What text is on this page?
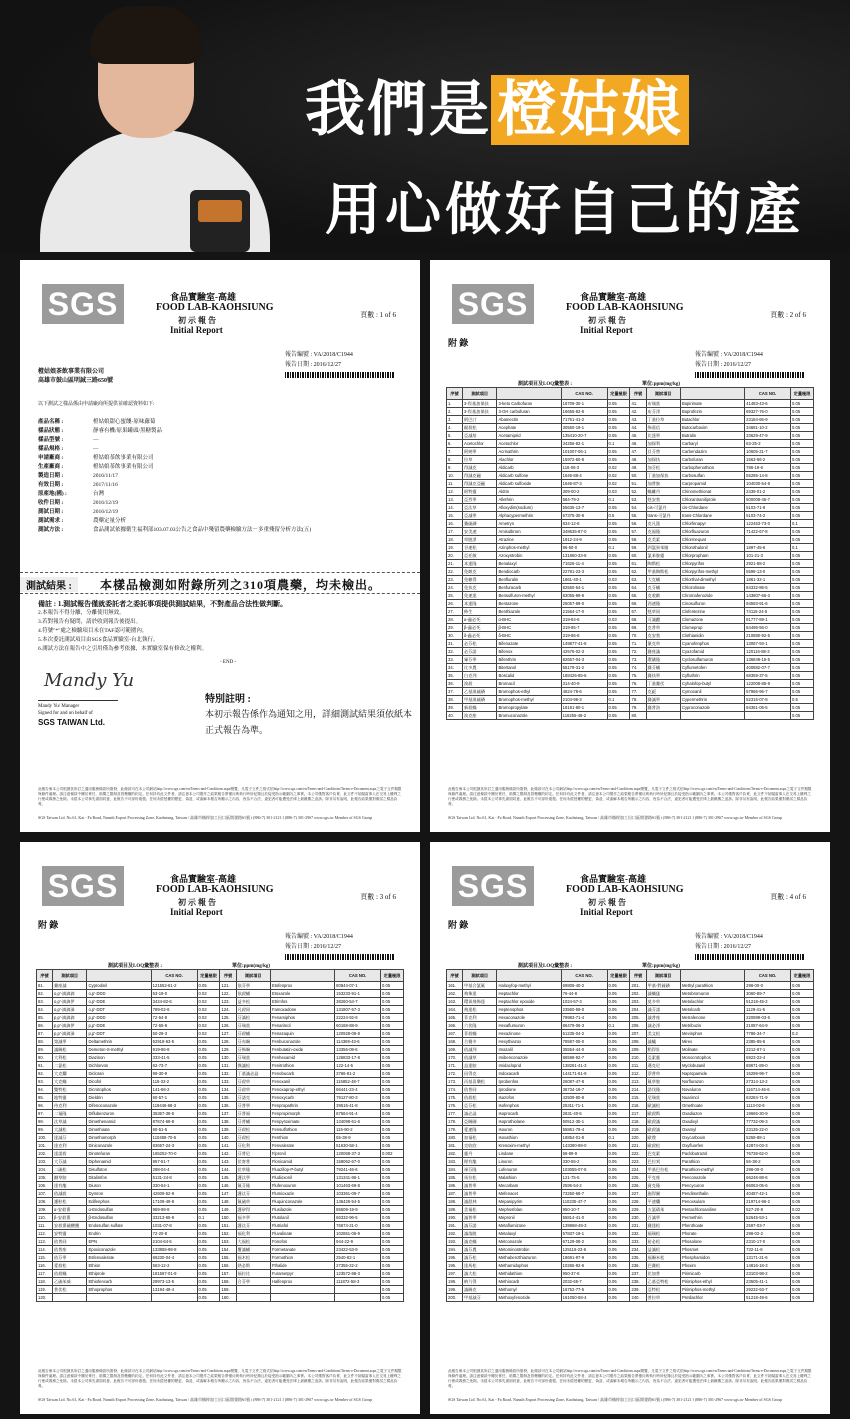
我們是 橙姑娘
用心做好自己的產
SGS	食品實驗室-高雄
FOOD LAB-KAOHSIUNG
初 示 報 告
Initial Report
頁數 : 1 of 6
報告編號 : VA/2018/C1944
報告日期 : 2016/12/27
橙姑娘茶飲事業有限公司
高雄市鼓山區明誠三路650號
以下測試之樣品係由申請廠商所提供並確認資料如下:
產品名稱 :	橙姑娘甜心蜜餞-原味蘿蔔
樣品狀態 :	靜睿有機/原果罐頭/黑糖製品
樣品型號 :	—
樣品規格 :	—
申請廠商 :	橙姑娘茶飲事業有限公司
生產廠商 :	橙姑娘茶飲事業有限公司
製造日期 :	2016/11/17
有效日期 :	2017/11/16
原產地(國) :	台灣
收件日期 :	2016/12/19
測試日期 :	2016/12/19
測試需求 :	農藥定量分析
測試方法 :	食品測試依據衛生福利部103.07.03公告之食品中殘留農藥檢驗方法－多重殘留分析方法(五)
測試結果 :	本樣品檢測如附錄所列之310項農藥，均未檢出。
備註 : 1.測試報告僅就委託者之委託事項提供測試結果，不對產品合法性做判斷。
2.本報告不得分離，分離使用無效。
3.若對報告有疑問，請於收到報告後提出。
4.符號"*"處之檢驗項目未在TAF認可範圍內。
5.本次委託測試項目由SGS食品實驗室-台北執行。
6.測試方法在報告中之引用僅為參考依據，本實驗室保有修改之權利。
- END -
Mandy Yu
Mandy Yu/ Manager
Signed for and on behalf of
SGS TAIWAN Ltd.
特別註明 :
本初示報告係作為通知之用，詳細測試結果須依紙本正式報告為準。
此報告係本公司根據其所訂之通用服務條款所簽發，此條款可在本公司網站http://www.sgs.com/en/Terms-and-Conditions.aspx閱覽，凡電子文件之格式依http://www.sgs.com/en/Terms-and-Conditions/Terms-e-Document.aspx之電子文件期限與條件處理。請注意條款中關於責任、賠償之限制及管轄權的約定。任何持有此文件者，請注意本公司製作之結果報告將僅反映執行時所紀錄且於接受指示範圍內之事實。本公司僅對客戶負責，此文件不妨礙當事人在交易上權利之行使或義務之免除。未經本公司事先書面同意，此報告不可部份複製。任何未經授權的變更、偽造、或曲解本報告所顯示之內容，皆為不合法，違犯者可能遭受法律上最嚴厲之追訴。除非另有說明，此報告結果僅對測試之樣品負責。
SGS Taiwan Ltd. No.61, Kai - Fa Road, Nanzih Export Processing Zone, Kaohsiung, Taiwan / 高雄市楠梓加工出口區開發路61號 t (886-7) 301-2121 f (886-7) 301-2967 www.sgs.tw Member of SGS Group
SGS	食品實驗室-高雄
FOOD LAB-KAOHSIUNG
初 示 報 告
Initial Report
頁數 : 2 of 6
附 錄
報告編號 : VA/2018/C1944
報告日期 : 2016/12/27
測試項目及LOQ彙整表 :	單位:ppm(mg/kg)
序號	測試項目		CAS NO.	定量極限	序號	測試項目		CAS NO.	定量極限
1.	3-羥基加保扶	3-keto Carbofuran	16709-30-1	0.05	41.	布瑞莫	Bupirimate	41483-43-6	0.05
2.	3-羥基加保扶	3-OH carbofuran	16655-82-6	0.05	42.	布芬淨	Buprofezin	69327-76-0	0.05
3.	阿巴汀	Abamectin	71751-41-2	0.05	43.	丁基拉草	Butachlor	23184-66-9	0.05
4.	毆殺松	Acephate	30560-19-1	0.05	44.	佈嘉信	Butocarboxim	34681-10-2	0.05
5.	亞滅培	Acetamiprid	135410-20-7	0.05	45.	比達寧	Butralin	33629-47-9	0.05
6.	Acetochlor	Acetochlor	34256-82-1	0.1	46.	加保利	Carbaryl	63-25-2	0.05
7.	阿納寧	Acrinathrin	101007-06-1	0.05	47.	貝芬替	Carbendazim	10605-21-7	0.05
8.	拉草	Alachlor	15972-60-8	0.05	48.	加保扶	Carbofuran	1563-66-2	0.05
9.	得滅克	Aldicarb	116-06-3	0.02	49.	加芬松	Carbophenothion	786-19-6	0.05
10.	得滅克碸	Aldicarb sulfone	1646-88-4	0.02	50.	丁基加保扶	Carbosulfan	55285-14-8	0.05
11.	得滅克亞碸	Aldicarb sulfoxide	1646-87-3	0.02	51.	加普胺	Carpropamid	104030-54-8	0.05
12.	阿特靈	Aldrin	309-00-2	0.03	52.	蟎離丹	Chinomethionat	2439-01-2	0.05
13.	亞烈寧	Allethrin	584-79-2	0.1	53.	剋安勃	Chlorantraniliprole	500008-45-7	0.05
14.	亞汰草	Alloxydim(sodium)	55635-13-7	0.05	54.	cis-可氯丹	cis-Chlordane	5103-71-9	0.05
15.	亞滅寧	Alphacypermethrin	67375-30-8	0.5	55.	trans-可氯丹	trans-Chlordane	5103-74-2	0.05
16.	賽硫磷	Ametryn	834-12-8	0.05	56.	克凡派	Chlorfenapyr	122453-73-0	0.1
17.	安美速	Amisulbrom	348635-87-0	0.05	57.	克福隆	Chlorfluazuron	71422-67-8	0.05
18.	草脫淨	Atrazine	1912-24-9	0.05	58.	克美素	Chlormequat		0.05
19.	谷速松	Azinphos-methyl	86-50-0	0.1	59.	四氯異苯腈	Chlorothalonil	1897-45-6	0.1
20.	亞托敏	Azoxystrobin	131860-33-8	0.05	60.	氯苯胺靈	Chlorpropham	101-21-3	0.05
21.	本達隆	Benalaxyl	71626-11-4	0.05	61.	陶斯松	Chlorpyrifos	2921-88-2	0.05
22.	免敵克	Bendiocarb	22781-23-3	0.05	62.	甲基陶斯松	Chlorpyrifos-methyl	5598-13-0	0.05
23.	免賴得	Benfluralin	1861-40-1	0.03	63.	大克蟎	Chlorthal-dimethyl	1861-32-1	0.05
24.	免扶克	Benfuracarb	82560-54-1	0.05	64.	克芬蟎	Chlozolinate	84332-86-5	0.05
25.	免速達	Bensulfuron-methyl	83055-99-6	0.05	65.	克收敵	Chromafenozide	143807-66-3	0.05
26.	本達隆	Bentazone	25057-89-0	0.05	66.	西速隆	Cinosulfuron	94593-91-6	0.05
27.	佈生	Benthiazole	21564-17-0	0.05	67.	剋草同	Clofentezine	74115-24-5	0.05
28.	α-蟲必死	α-BHC	319-84-6	0.03	68.	可滅蹤	Clomazone	81777-89-1	0.05
29.	β-蟲必死	β-BHC	319-85-7	0.05	69.	克普草	Clomeprop	84496-56-0	0.05
30.	δ-蟲必死	δ-BHC	319-86-8	0.05	70.	克安勃	Clothianidin	210880-92-5	0.05
31.	必芬松	Bifenazate	149877-41-8	0.05	71.	氰克草	Cyanofenphos	13067-93-1	0.05
32.	必芬諾	Bifenox	42576-02-3	0.05	72.	賽座滅	Cyazofamid	120116-88-3	0.05
33.	畢芬寧	Bifenthrin	82657-04-3	0.05	73.	環磺隆	Cyclosulfamuron	136849-15-5	0.05
34.	比多農	Bitertanol	55179-31-2	0.05	74.	賽芬蟎	Cyflumetofen	400882-07-7	0.05
35.	白克列	Boscalid	188425-85-6	0.05	75.	賽扶寧	Cyfluthrin	68359-37-5	0.05
36.	溴殺	Bromacil	314-40-9	0.05	76.	丁基賽伏	Cyhalofop-butyl	122008-85-9	0.05
37.	乙基溴硫磷	Bromophos-ethyl	4824-78-6	0.05	77.	克絕	Cymoxanil	57966-95-7	0.05
38.	甲基溴硫磷	Bromophos-methyl	2104-96-3	0.1	78.	賽滅寧	Cypermethrin	52315-07-8	0.5
39.	新殺蟎	Bromopropylate	18181-80-1	0.05	79.	賽普洛	Cyproconazole	94361-06-5	0.05
40.	溴克座	Bromuconazole	116255-48-2	0.05	80.				0.05
此報告係本公司根據其所訂之通用服務條款所簽發，此條款可在本公司網站http://www.sgs.com/en/Terms-and-Conditions.aspx閱覽，凡電子文件之格式依http://www.sgs.com/en/Terms-and-Conditions/Terms-e-Document.aspx之電子文件期限與條件處理。請注意條款中關於責任、賠償之限制及管轄權的約定。任何持有此文件者，請注意本公司製作之結果報告將僅反映執行時所紀錄且於接受指示範圍內之事實。本公司僅對客戶負責，此文件不妨礙當事人在交易上權利之行使或義務之免除。未經本公司事先書面同意，此報告不可部份複製。任何未經授權的變更、偽造、或曲解本報告所顯示之內容，皆為不合法，違犯者可能遭受法律上最嚴厲之追訴。除非另有說明，此報告結果僅對測試之樣品負責。
SGS Taiwan Ltd. No.61, Kai - Fa Road, Nanzih Export Processing Zone, Kaohsiung, Taiwan / 高雄市楠梓加工出口區開發路61號 t (886-7) 301-2121 f (886-7) 301-2967 www.sgs.tw Member of SGS Group
SGS	食品實驗室-高雄
FOOD LAB-KAOHSIUNG
初 示 報 告
Initial Report
頁數 : 3 of 6
附 錄
報告編號 : VA/2018/C1944
報告日期 : 2016/12/27
測試項目及LOQ彙整表 :	單位:ppm(mg/kg)
序號	測試項目		CAS NO.	定量極限	序號	測試項目		CAS NO.	定量極限
81.	賽座滅	Cyprodinil	121552-61-2	0.05	121.	依芬寧	Etofenprox	80844-07-1	0.05
82.	o,p'-滴滴滴	o,p'-DDD	53-19-0	0.02	122.	依殺蟎	Etoxazole	153233-91-1	0.05
83.	o,p'-滴滴伊	o,p'-DDE	3424-82-6	0.02	123.	益多松	Etrimfos	38260-54-7	0.05
84.	o,p'-滴滴涕	o,p'-DDT	789-02-6	0.02	124.	凡殺同	Famoxadone	131807-57-3	0.05
85.	p,p'-滴滴滴	p,p'-DDD	72-54-8	0.02	125.	芬滅松	Fenamiphos	22224-92-6	0.05
86.	p,p'-滴滴伊	p,p'-DDE	72-55-9	0.02	126.	芬瑞莫	Fenarimol	60168-88-9	0.05
87.	p,p'-滴滴涕	p,p'-DDT	50-29-3	0.02	127.	芬殺蟎	Fenazaquin	120928-09-8	0.05
88.	第滅寧	Deltamethrin	52918-63-5	0.05	128.	芬布賜	Fenbuconazole	114369-43-6	0.05
89.	滅賜松	Demeton-S-methyl	919-86-8	0.05	129.	芬佈賜	Fenbutatin-oxide	13356-08-6	0.05
90.	大利松	Diazinon	333-41-5	0.05	130.	芬瑞莫	Fenhexamid	126833-17-8	0.05
91.	二氯松	Dichlorvos	62-73-7	0.05	131.	撲滅松	Fenitrothion	122-14-5	0.05
92.	大克爛	Dicloran	99-30-9	0.05	132.	丁基滅必蝨	Fenobucarb	3766-81-2	0.05
93.	大克蟎	Dicofol	115-32-2	0.05	133.	芬殺草	Fenoxanil	115852-48-7	0.05
94.	雙特松	Dicrotophos	141-66-2	0.05	134.	芬殺草	Fenoxaprop-ethyl	66441-23-4	0.05
95.	地特靈	Dieldrin	60-57-1	0.05	135.	芬諾克	Fenoxycarb	79127-80-3	0.05
96.	待克利	Difenoconazole	119446-68-3	0.05	136.	芬普寧	Fenpropathrin	39515-41-8	0.05
97.	二福隆	Diflubenzuron	35367-38-5	0.05	137.	芬普福	Fenpropimorph	67564-91-4	0.05
98.	汰草滅	Dimethenamid	87674-68-8	0.05	138.	芬普蟎	Fenpyroximate	134098-61-6	0.05
99.	大滅松	Dimethoate	60-51-5	0.05	139.	芬殺松	Fensulfothion	115-90-2	0.05
100.	達滅芬	Dimethomorph	110488-70-5	0.05	140.	芬殺松	Fenthion	55-38-9	0.05
101.	達克利	Diniconazole	83657-24-3	0.05	141.	芬化利	Fenvalerate	51630-58-1	0.05
102.	達諾殺	Dinotefuran	165252-70-0	0.05	142.	芬普尼	Fipronil	120068-37-3	0.002
103.	大芬滅	Diphenamid	957-51-7	0.05	143.	伏寄普	Flonicamid	158062-67-0	0.05
104.	二硫松	Disulfoton	298-04-4	0.05	144.	伏草隆	Fluazifop-P-butyl	79241-46-6	0.05
105.	鋤草胺	Ditalimfos	5131-24-8	0.05	145.	護汰寧	Fludioxonil	131341-86-1	0.05
106.	達有龍	Diuron	330-54-1	0.05	146.	氟芬隆	Flufenoxuron	101463-69-8	0.05
107.	依滅殺	Dymron	42609-52-9	0.05	147.	護汰芬	Flumioxazin	103361-09-7	0.05
108.	護粒松	Edifenphos	17109-49-8	0.05	148.	氟硫草	Fluquinconazole	136426-54-5	0.05
109.	α-安殺番	α-Endosulfan	959-98-8	0.05	149.	護矽得	Flusilazole	85509-19-9	0.05
110.	β-安殺番	β-Endosulfan	33213-65-9	0.1	150.	福多寧	Flutolanil	66332-96-5	0.05
111.	安殺番硫酸鹽	Endosulfan sulfate	1031-07-8	0.05	151.	護汰芬	Flutriafol	76674-21-0	0.05
112.	安特靈	Endrin	72-20-8	0.05	152.	福化利	Fluvalinate	102851-06-9	0.05
113.	依普同	EPN	2104-64-5	0.05	153.	大福松	Fonofos	944-22-9	0.05
114.	依普座	Epoxiconazole	133855-98-8	0.05	154.	覆滅蟎	Formetanate	23422-53-9	0.05
115.	依芬寧	Esfenvalerate	66230-04-4	0.05	155.	福木松	Formothion	2540-82-1	0.05
116.	愛殺松	Ethion	563-12-2	0.05	156.	熱必斯	Fthalide	27355-22-2	0.05
117.	依殺蟎	Ethiprole	181587-01-9	0.05	157.	福拉比	Furametpyr	123572-88-3	0.05
118.	乙硫苯威	Ethiofencarb	29973-13-5	0.05	158.	合芬寧	Halfenprox	111872-58-3	0.05
119.	普伏松	Ethoprophos	13194-48-4	0.05	159.				0.05
120.				0.05	160.				0.05
此報告係本公司根據其所訂之通用服務條款所簽發，此條款可在本公司網站http://www.sgs.com/en/Terms-and-Conditions.aspx閱覽，凡電子文件之格式依http://www.sgs.com/en/Terms-and-Conditions/Terms-e-Document.aspx之電子文件期限與條件處理。請注意條款中關於責任、賠償之限制及管轄權的約定。任何持有此文件者，請注意本公司製作之結果報告將僅反映執行時所紀錄且於接受指示範圍內之事實。本公司僅對客戶負責，此文件不妨礙當事人在交易上權利之行使或義務之免除。未經本公司事先書面同意，此報告不可部份複製。任何未經授權的變更、偽造、或曲解本報告所顯示之內容，皆為不合法，違犯者可能遭受法律上最嚴厲之追訴。除非另有說明，此報告結果僅對測試之樣品負責。
SGS Taiwan Ltd. No.61, Kai - Fa Road, Nanzih Export Processing Zone, Kaohsiung, Taiwan / 高雄市楠梓加工出口區開發路61號 t (886-7) 301-2121 f (886-7) 301-2967 www.sgs.tw Member of SGS Group
SGS	食品實驗室-高雄
FOOD LAB-KAOHSIUNG
初 示 報 告
Initial Report
頁數 : 4 of 6
附 錄
報告編號 : VA/2018/C1944
報告日期 : 2016/12/27
測試項目及LOQ彙整表 :	單位:ppm(mg/kg)
序號	測試項目		CAS NO.	定量極限	序號	測試項目		CAS NO.	定量極限
161.	甲基合氯氟	Haloxyfop-methyl	69806-40-2	0.05	201.	甲基-對硫磷	Methyl parathion	298-00-0	0.05
162.	飛佈達	Heptachlor	76-44-8	0.05	202.	滅蟎猛	Metobromuron	3060-89-7	0.05
163.	環氧飛佈達	Heptachlor epoxide	1024-57-3	0.05	203.	莫多草	Metolachlor	51218-45-2	0.05
164.	飛達松	Heptenophos	23560-59-0	0.05	204.	滅芬諾	Metolcarb	1129-41-5	0.05
165.	菲克利	Hexaconazole	79983-71-4	0.05	205.	滅普座	Metrafenone	220899-03-6	0.05
166.	六伏隆	Hexaflumuron	86479-06-3	0.1	206.	滅必淨	Metribuzin	21087-64-9	0.05
167.	菲殺蟎	Hexazinone	51235-04-2	0.05	207.	美文松	Mevinphos	7786-34-7	0.2
168.	合賽多	Hexythiazox	78587-05-0	0.05	208.	滅蟻	Mirex	2385-85-5	0.05
169.	依滅列	Imazalil	35554-44-0	0.05	209.	稻得壯	Molinate	2212-67-1	0.05
170.	依滅草	Imibenconazole	86598-92-7	0.05	210.	亞素靈	Monocrotophos	6923-22-4	0.05
171.	益達胺	Imidacloprid	138261-41-3	0.05	211.	邁克尼	Myclobutanil	88671-89-0	0.05
172.	因得克	Indoxacarb	144171-61-9	0.05	212.	萘普草	Napropamide	15299-99-7	0.05
173.	丙基喜樂松	Iprobenfos	26087-47-8	0.05	213.	氟草胺	Norflurazon	27314-13-2	0.05
174.	依普同	Iprodione	36734-19-7	0.05	214.	諾伐隆	Novaluron	116714-46-6	0.05
175.	依殺松	Isazofos	42509-80-8	0.05	215.	尼瑞莫	Nuarimol	63284-71-9	0.05
176.	亞芬松	Isofenphos	25311-71-1	0.05	216.	歐滅松	Omethoate	1113-02-6	0.05
177.	滅必蝨	Isoprocarb	2631-40-5	0.05	217.	歐殺斯	Oxadiazon	19666-30-9	0.05
178.	亞賜圃	Isoprothiolane	50512-35-1	0.05	218.	歐殺滅	Oxadixyl	77732-09-3	0.05
179.	愛速隆	Isouron	55861-78-4	0.05	219.	歐殺滅	Oxamyl	23135-22-0	0.05
180.	加福松	Isoxathion	18854-01-8	0.1	220.	歐羧	Oxycarboxin	5259-88-1	0.05
181.	克收欣	Kresoxim-methyl	143390-89-0	0.05	221.	歐殺松	Oxyfluorfen	42874-03-3	0.05
182.	靈丹	Lindane	58-89-9	0.05	222.	巴克素	Paclobutrazol	76738-62-0	0.05
183.	理有龍	Linuron	330-55-2	0.05	223.	巴拉刈	Parathion	56-38-2	0.05
184.	祿芬隆	Lufenuron	103055-07-8	0.05	224.	甲基巴拉松	Parathion-methyl	298-00-0	0.05
185.	馬拉松	Malathion	121-75-5	0.05	225.	平克座	Penconazole	66246-88-6	0.05
186.	滅普寧	Mecarbam	2595-54-2	0.05	226.	賓克隆	Pencycuron	66063-05-6	0.05
187.	滅普寧	Mefenacet	73250-68-7	0.05	227.	施得圃	Pendimethalin	40487-42-1	0.05
188.	滅派林	Mepanipyrim	110235-47-7	0.05	228.	平速爛	Penoxsulam	219714-96-2	0.05
189.	美福松	Mephosfolan	950-10-7	0.05	229.	五氯硝苯	Pentachloroaniline	527-20-8	0.02
190.	滅普寧	Mepronil	55814-41-0	0.05	230.	百滅寧	Permethrin	52645-53-1	0.05
191.	滅芬諾	Metaflumizone	139968-49-3	0.05	231.	賽達松	Phenthoate	2597-03-7	0.05
192.	滅落脫	Metalaxyl	57837-19-1	0.05	232.	福瑞松	Phorate	298-02-2	0.05
193.	滅克蟎	Metconazole	67129-08-2	0.05	233.	裕必松	Phosalone	2310-17-0	0.05
194.	滅芬農	Metominostrobin	125116-23-6	0.05	234.	益滅松	Phosmet	732-11-6	0.05
195.	滅芬松	Methabenzthiazuron	18691-97-9	0.05	235.	福賜米松	Phosphamidon	13171-21-6	0.05
196.	達馬松	Methamidophos	10265-92-6	0.05	236.	巴賽松	Phoxim	14816-18-3	0.05
197.	滅大松	Methidathion	950-37-8	0.05	237.	比加普	Pirimicarb	23103-98-2	0.05
198.	納乃得	Methiocarb	2032-65-7	0.05	238.	乙基亞特松	Pirimiphos-ethyl	23505-41-1	0.05
199.	滅賜克	Methomyl	16752-77-5	0.05	239.	亞特松	Pirimiphos-methyl	29232-93-7	0.05
200.	甲基滅芬	Methoxyfenozide	161050-58-4	0.05	240.	普拉草	Pretilachlor	51218-49-6	0.05
此報告係本公司根據其所訂之通用服務條款所簽發，此條款可在本公司網站http://www.sgs.com/en/Terms-and-Conditions.aspx閱覽，凡電子文件之格式依http://www.sgs.com/en/Terms-and-Conditions/Terms-e-Document.aspx之電子文件期限與條件處理。請注意條款中關於責任、賠償之限制及管轄權的約定。任何持有此文件者，請注意本公司製作之結果報告將僅反映執行時所紀錄且於接受指示範圍內之事實。本公司僅對客戶負責，此文件不妨礙當事人在交易上權利之行使或義務之免除。未經本公司事先書面同意，此報告不可部份複製。任何未經授權的變更、偽造、或曲解本報告所顯示之內容，皆為不合法，違犯者可能遭受法律上最嚴厲之追訴。除非另有說明，此報告結果僅對測試之樣品負責。
SGS Taiwan Ltd. No.61, Kai - Fa Road, Nanzih Export Processing Zone, Kaohsiung, Taiwan / 高雄市楠梓加工出口區開發路61號 t (886-7) 301-2121 f (886-7) 301-2967 www.sgs.tw Member of SGS Group
